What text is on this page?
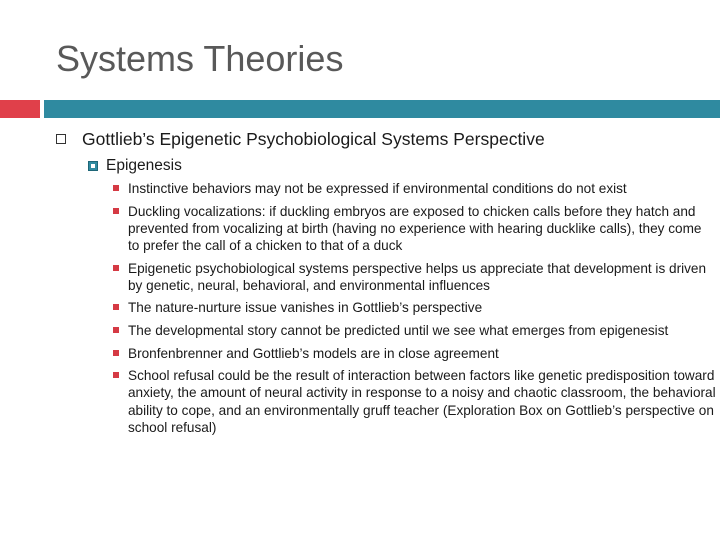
Systems Theories
Gottlieb’s Epigenetic Psychobiological Systems Perspective
Epigenesis
Instinctive behaviors may not be expressed if environmental conditions do not exist
Duckling vocalizations: if duckling embryos are exposed to chicken calls before they hatch and prevented from vocalizing at birth (having no experience with hearing ducklike calls), they come to prefer the call of a chicken to that of a duck
Epigenetic psychobiological systems perspective helps us appreciate that development is driven by genetic, neural, behavioral, and environmental influences
The nature-nurture issue vanishes in Gottlieb’s perspective
The developmental story cannot be predicted until we see what emerges from epigenesist
Bronfenbrenner and Gottlieb’s models are in close agreement
School refusal could be the result of interaction between factors like genetic predisposition toward anxiety, the amount of neural activity in response to a noisy and chaotic classroom, the behavioral ability to cope, and an environmentally gruff teacher (Exploration Box on Gottlieb’s perspective on school refusal)
